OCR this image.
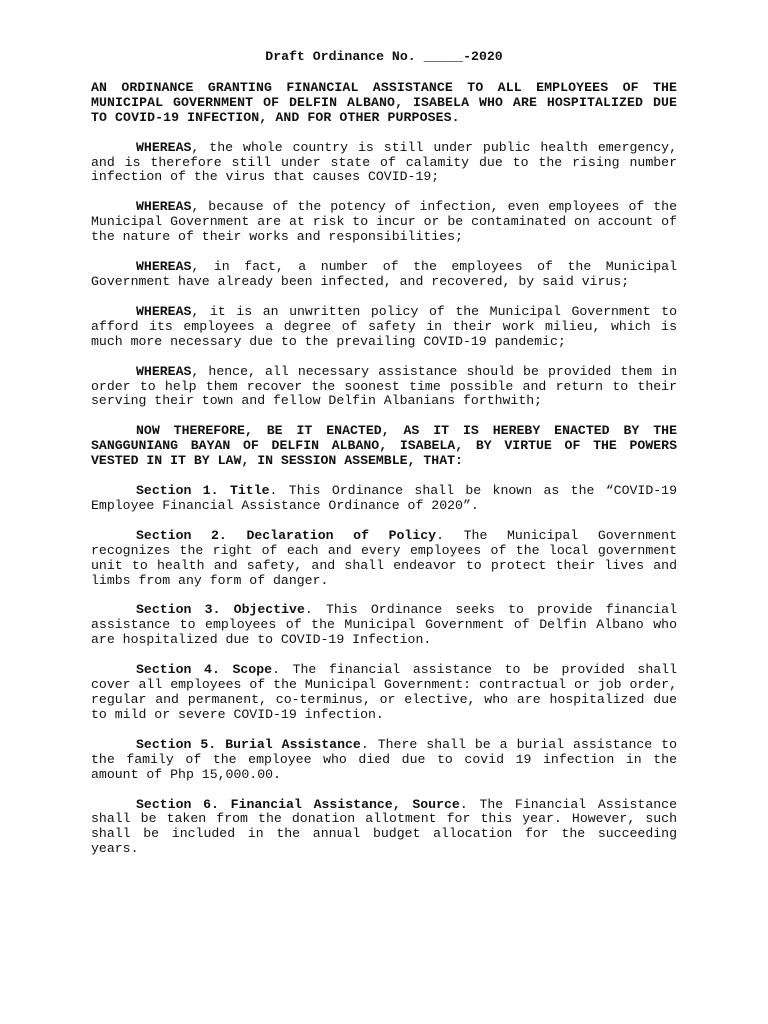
Draft Ordinance No. _____-2020
AN ORDINANCE GRANTING FINANCIAL ASSISTANCE TO ALL EMPLOYEES OF THE MUNICIPAL GOVERNMENT OF DELFIN ALBANO, ISABELA WHO ARE HOSPITALIZED DUE TO COVID-19 INFECTION, AND FOR OTHER PURPOSES.

WHEREAS, the whole country is still under public health emergency, and is therefore still under state of calamity due to the rising number infection of the virus that causes COVID-19;

WHEREAS, because of the potency of infection, even employees of the Municipal Government are at risk to incur or be contaminated on account of the nature of their works and responsibilities;

WHEREAS, in fact, a number of the employees of the Municipal Government have already been infected, and recovered, by said virus;

WHEREAS, it is an unwritten policy of the Municipal Government to afford its employees a degree of safety in their work milieu, which is much more necessary due to the prevailing COVID-19 pandemic;

WHEREAS, hence, all necessary assistance should be provided them in order to help them recover the soonest time possible and return to their serving their town and fellow Delfin Albanians forthwith;

NOW THEREFORE, BE IT ENACTED, AS IT IS HEREBY ENACTED BY THE SANGGUNIANG BAYAN OF DELFIN ALBANO, ISABELA, BY VIRTUE OF THE POWERS VESTED IN IT BY LAW, IN SESSION ASSEMBLE, THAT:

Section 1. Title. This Ordinance shall be known as the “COVID-19 Employee Financial Assistance Ordinance of 2020”.

Section 2. Declaration of Policy. The Municipal Government recognizes the right of each and every employees of the local government unit to health and safety, and shall endeavor to protect their lives and limbs from any form of danger.

Section 3. Objective. This Ordinance seeks to provide financial assistance to employees of the Municipal Government of Delfin Albano who are hospitalized due to COVID-19 Infection.

Section 4. Scope. The financial assistance to be provided shall cover all employees of the Municipal Government: contractual or job order, regular and permanent, co-terminus, or elective, who are hospitalized due to mild or severe COVID-19 infection.

Section 5. Burial Assistance. There shall be a burial assistance to the family of the employee who died due to covid 19 infection in the amount of Php 15,000.00.

Section 6. Financial Assistance, Source. The Financial Assistance shall be taken from the donation allotment for this year. However, such shall be included in the annual budget allocation for the succeeding years.
